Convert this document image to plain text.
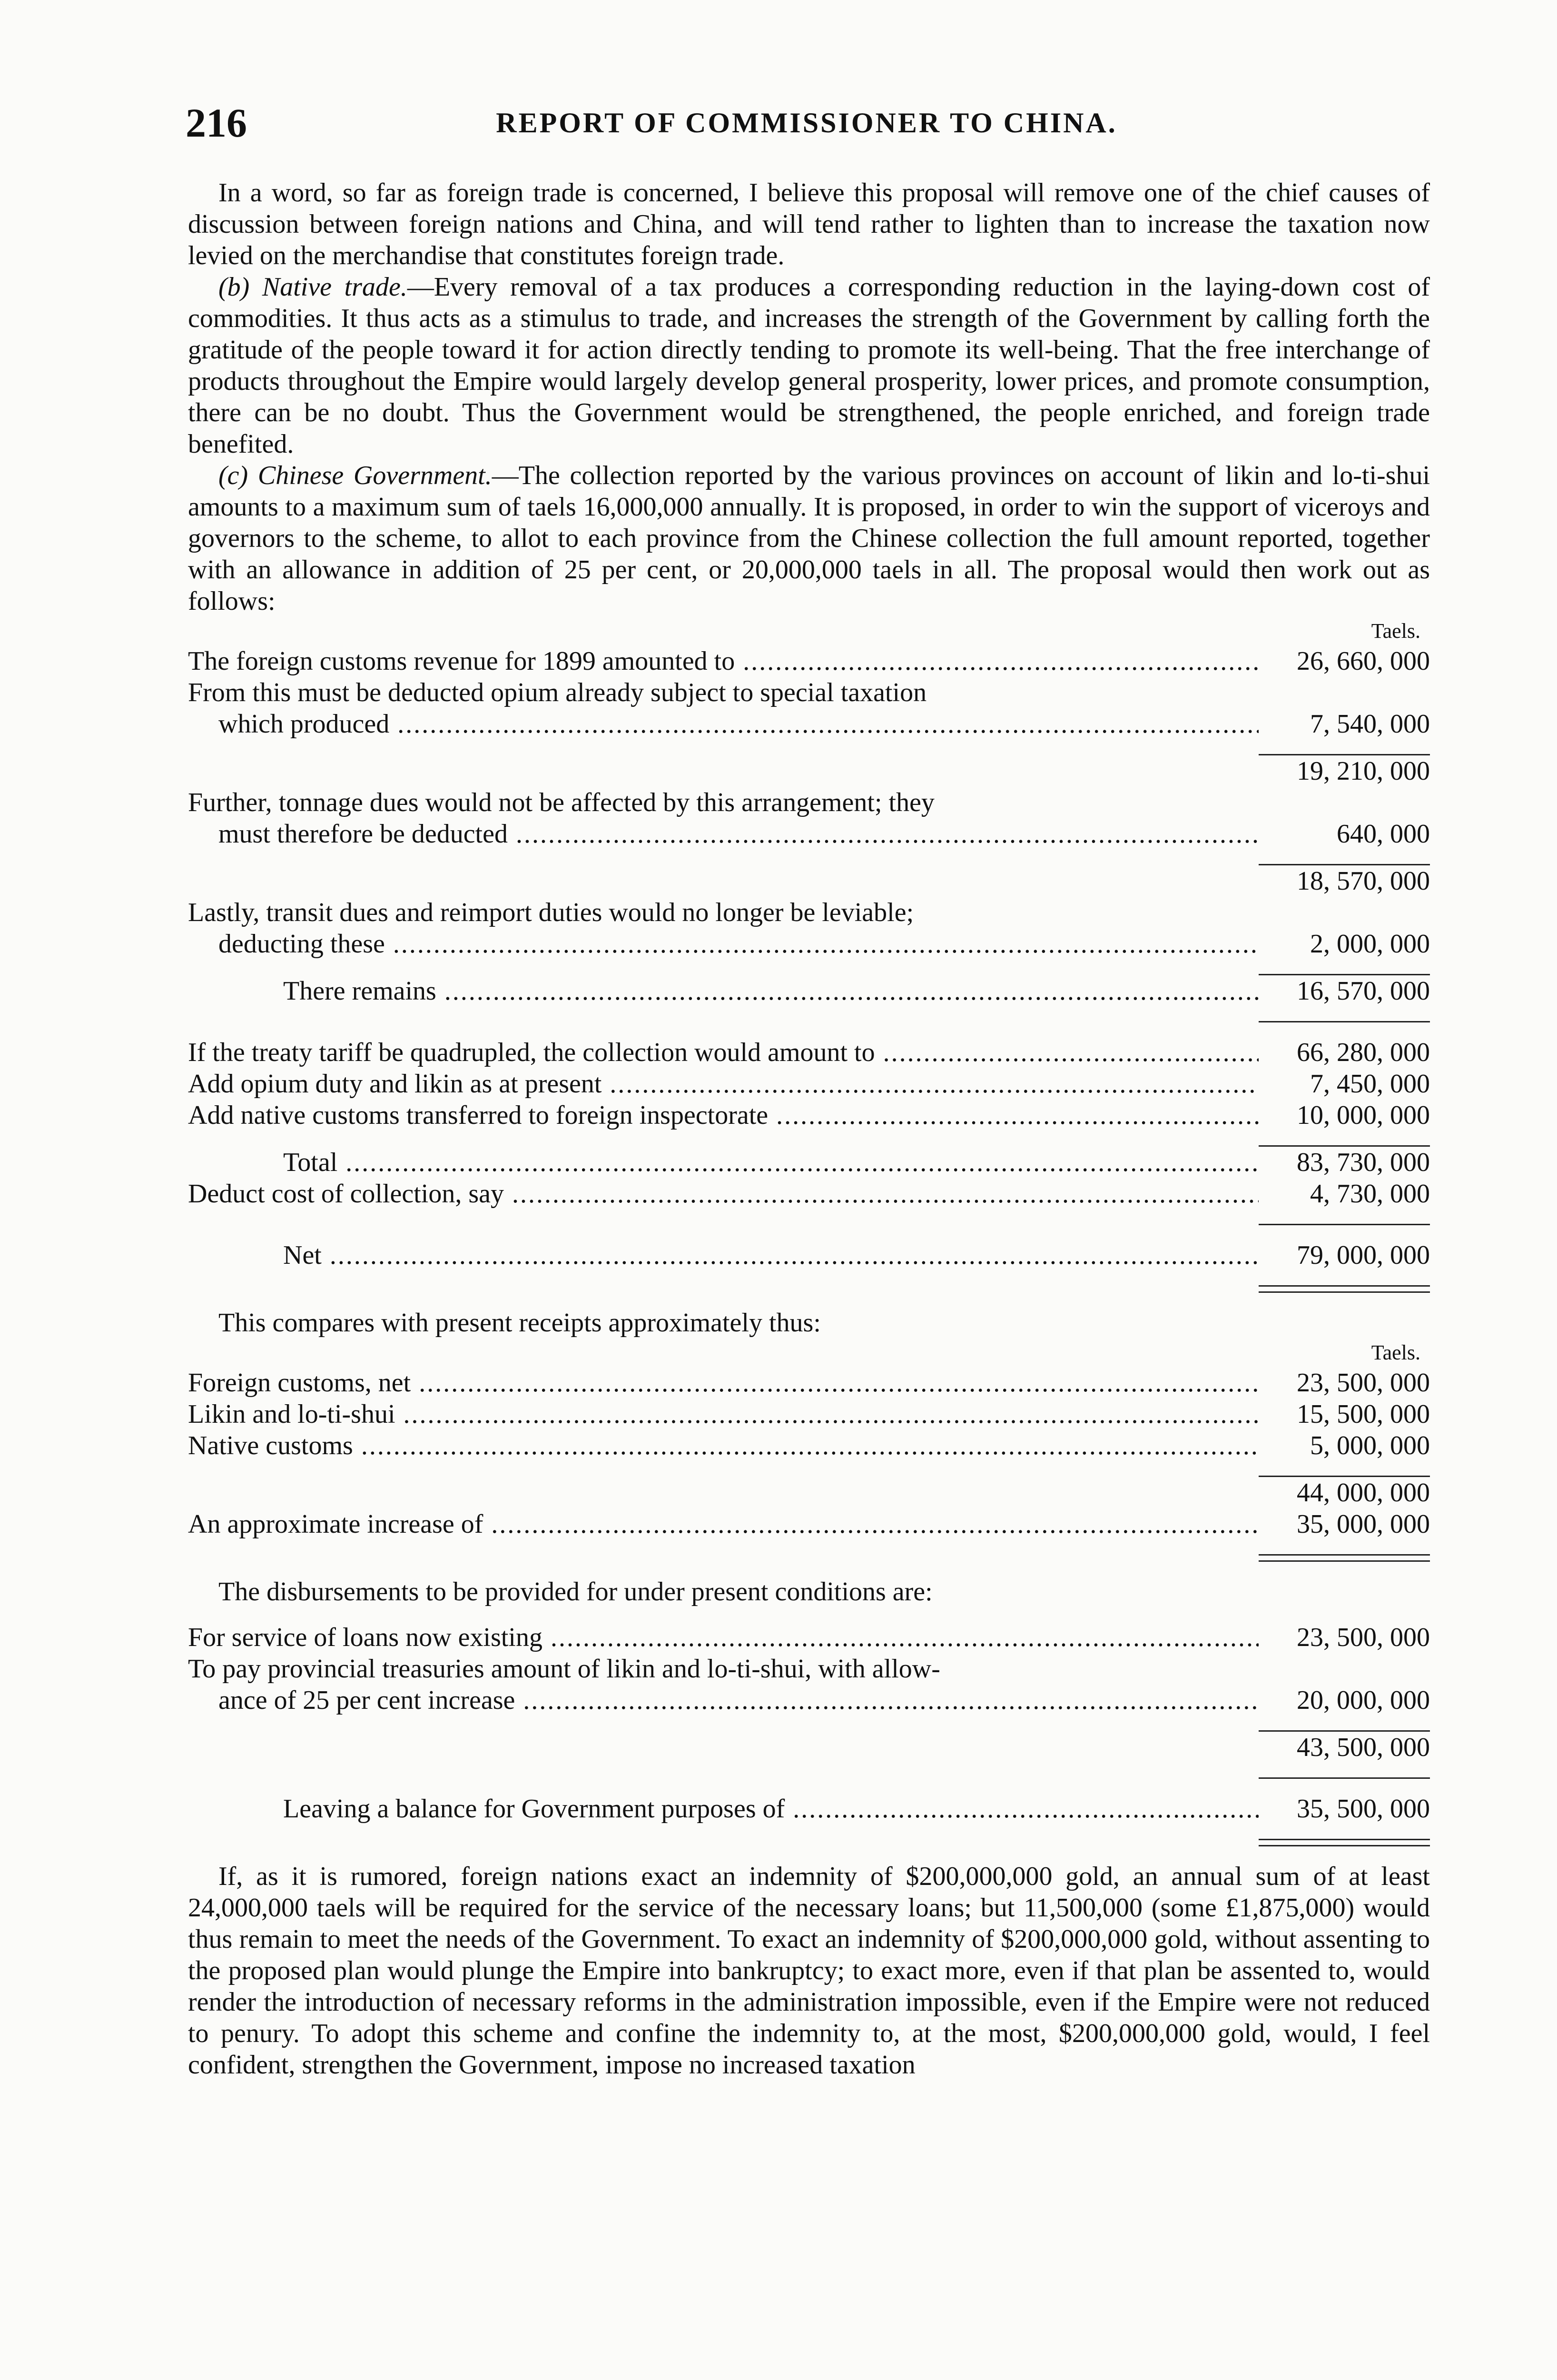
216	REPORT OF COMMISSIONER TO CHINA.

In a word, so far as foreign trade is concerned, I believe this proposal will remove one of the chief causes of discussion between foreign nations and China, and will tend rather to lighten than to increase the taxation now levied on the merchandise that constitutes foreign trade.

(b) Native trade.—Every removal of a tax produces a corresponding reduction in the laying-down cost of commodities. It thus acts as a stimulus to trade, and increases the strength of the Government by calling forth the gratitude of the people toward it for action directly tending to promote its well-being. That the free interchange of products throughout the Empire would largely develop general prosperity, lower prices, and promote consumption, there can be no doubt. Thus the Government would be strengthened, the people enriched, and foreign trade benefited.

(c) Chinese Government.—The collection reported by the various provinces on account of likin and lo-ti-shui amounts to a maximum sum of taels 16,000,000 annually. It is proposed, in order to win the support of viceroys and governors to the scheme, to allot to each province from the Chinese collection the full amount reported, together with an allowance in addition of 25 per cent, or 20,000,000 taels in all. The proposal would then work out as follows:

Taels.
The foreign customs revenue for 1899 amounted to .....	26, 660, 000
From this must be deducted opium already subject to special taxation
which produced .....	7, 540, 000
19, 210, 000
Further, tonnage dues would not be affected by this arrangement; they
must therefore be deducted .....	640, 000
18, 570, 000
Lastly, transit dues and reimport duties would no longer be leviable;
deducting these .....	2, 000, 000
There remains .....	16, 570, 000
If the treaty tariff be quadrupled, the collection would amount to .....	66, 280, 000
Add opium duty and likin as at present .....	7, 450, 000
Add native customs transferred to foreign inspectorate .....	10, 000, 000
Total .....	83, 730, 000
Deduct cost of collection, say .....	4, 730, 000
Net .....	79, 000, 000

This compares with present receipts approximately thus:

Taels.
Foreign customs, net .....	23, 500, 000
Likin and lo-ti-shui .....	15, 500, 000
Native customs .....	5, 000, 000
44, 000, 000
An approximate increase of .....	35, 000, 000

The disbursements to be provided for under present conditions are:

For service of loans now existing .....	23, 500, 000
To pay provincial treasuries amount of likin and lo-ti-shui, with allow-
ance of 25 per cent increase .....	20, 000, 000
43, 500, 000
Leaving a balance for Government purposes of .....	35, 500, 000

If, as it is rumored, foreign nations exact an indemnity of $200,000,000 gold, an annual sum of at least 24,000,000 taels will be required for the service of the necessary loans; but 11,500,000 (some £1,875,000) would thus remain to meet the needs of the Government. To exact an indemnity of $200,000,000 gold, without assenting to the proposed plan would plunge the Empire into bankruptcy; to exact more, even if that plan be assented to, would render the introduction of necessary reforms in the administration impossible, even if the Empire were not reduced to penury. To adopt this scheme and confine the indemnity to, at the most, $200,000,000 gold, would, I feel confident, strengthen the Government, impose no increased taxation
